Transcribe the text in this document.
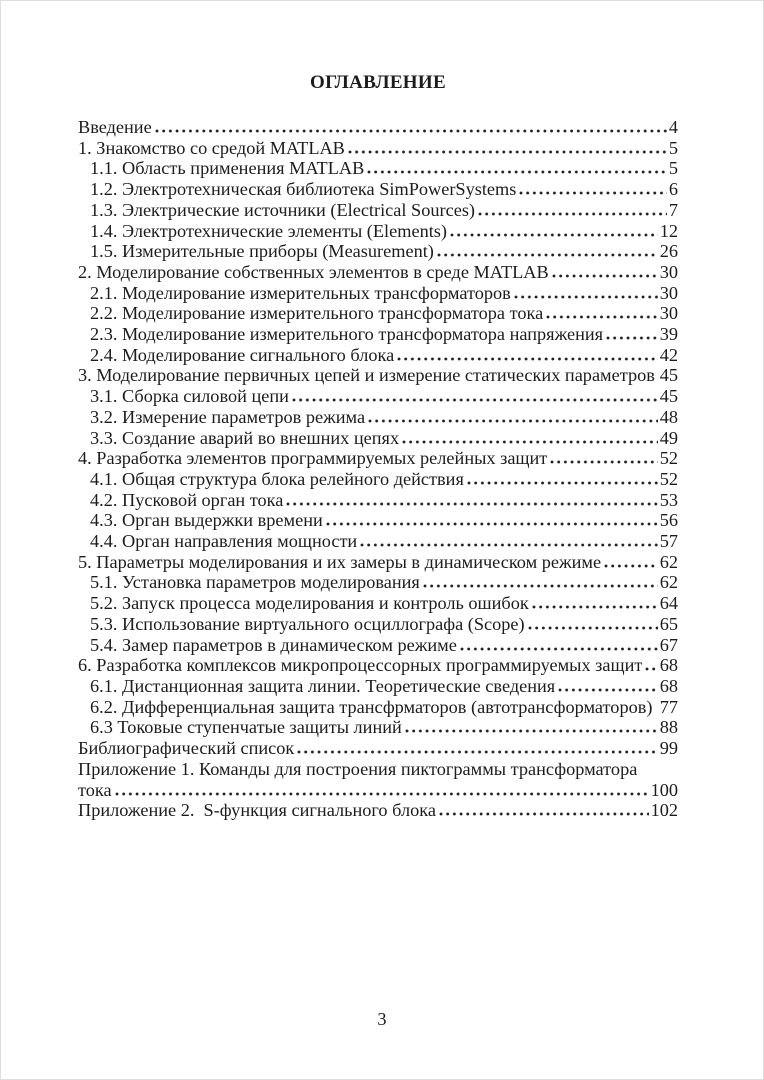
ОГЛАВЛЕНИЕ
Введение	4
1. Знакомство со средой MATLAB	5
1.1. Область применения MATLAB	5
1.2. Электротехническая библиотека SimPowerSystems	6
1.3. Электрические источники (Electrical Sources)	7
1.4. Электротехнические элементы (Elements)	12
1.5. Измерительные приборы (Measurement)	26
2. Моделирование собственных элементов в среде MATLAB	30
2.1. Моделирование измерительных трансформаторов	30
2.2. Моделирование измерительного трансформатора тока	30
2.3. Моделирование измерительного трансформатора напряжения	39
2.4. Моделирование сигнального блока	42
3. Моделирование первичных цепей и измерение статических параметров 45
3.1. Сборка силовой цепи	45
3.2. Измерение параметров режима	48
3.3. Создание аварий во внешних цепях	49
4. Разработка элементов программируемых релейных защит	52
4.1. Общая структура блока релейного действия	52
4.2. Пусковой орган тока	53
4.3. Орган выдержки времени	56
4.4. Орган направления мощности	57
5. Параметры моделирования и их замеры в динамическом режиме	62
5.1. Установка параметров моделирования	62
5.2. Запуск процесса моделирования и контроль ошибок	64
5.3. Использование виртуального осциллографа (Scope)	65
5.4. Замер параметров в динамическом режиме	67
6. Разработка комплексов микропроцессорных программируемых защит 68
6.1. Дистанционная защита линии. Теоретические сведения	68
6.2. Дифференциальная защита трансфрматоров (автотрансформаторов) 77
6.3 Токовые ступенчатые защиты линий	88
Библиографический список	99
Приложение 1. Команды для построения пиктограммы трансформатора
тока	100
Приложение 2.  S-функция сигнального блока	102
3
